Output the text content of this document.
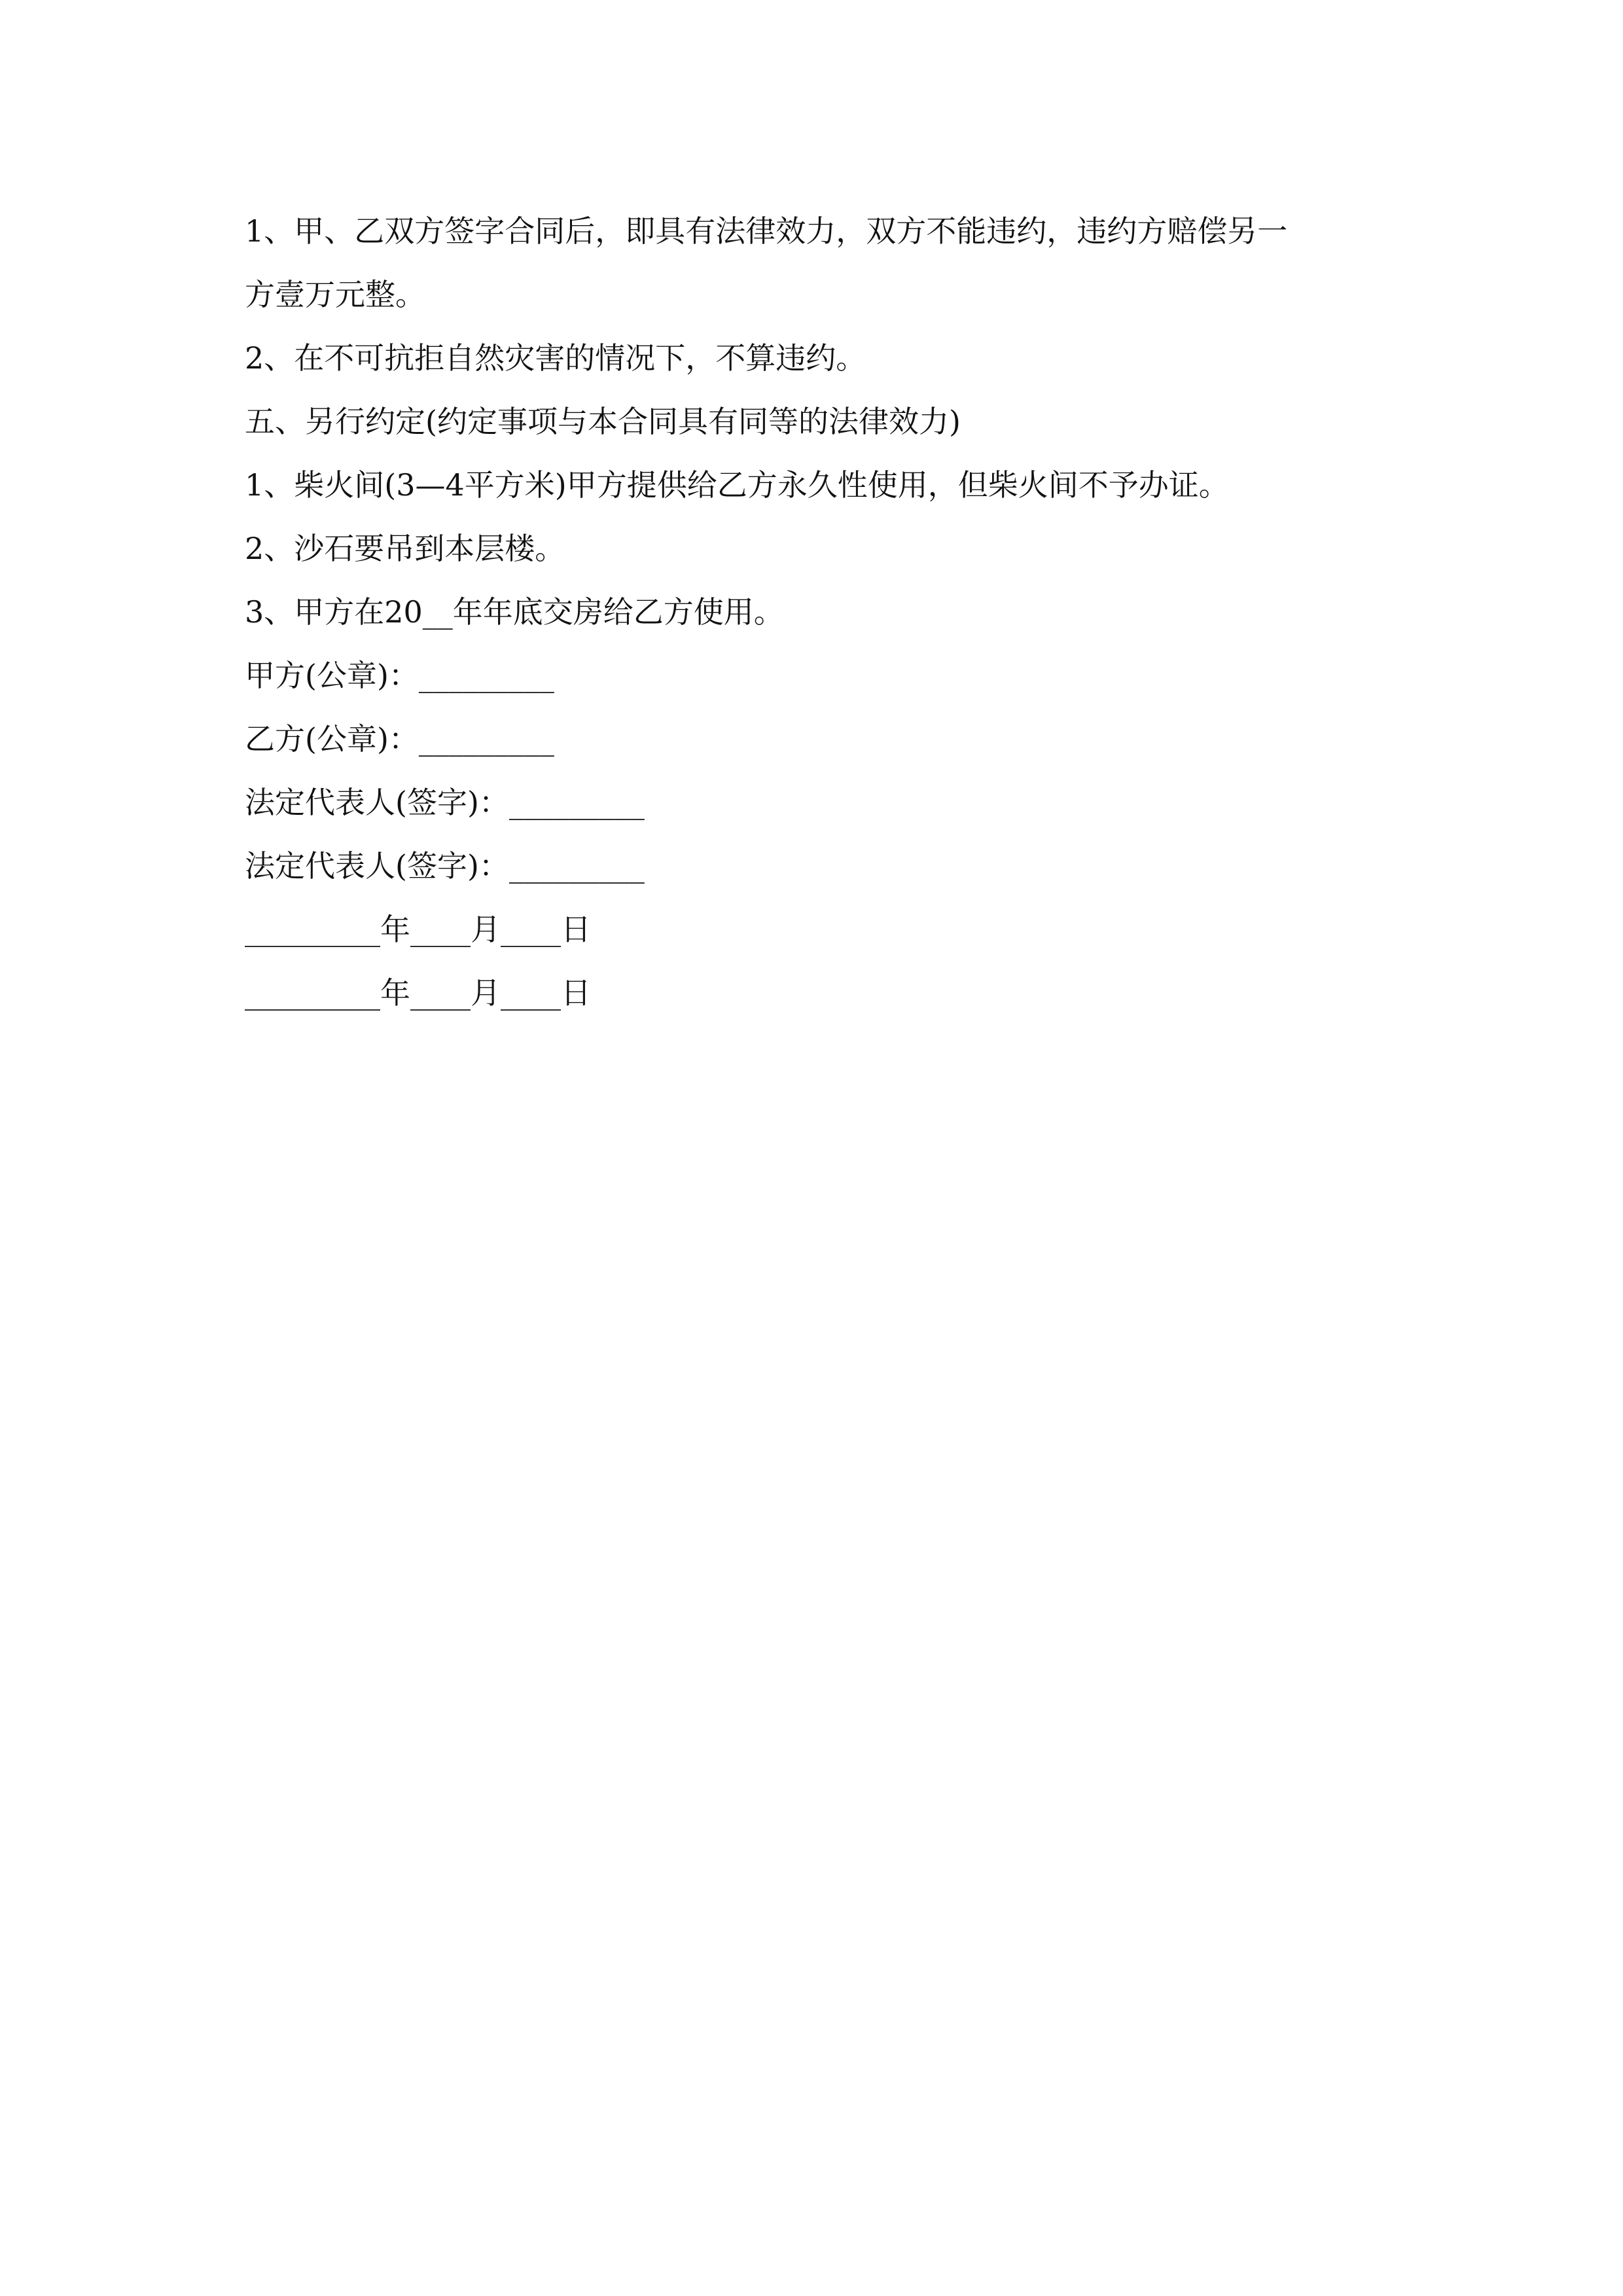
1、甲、乙双方签字合同后，即具有法律效力，双方不能违约，违约方赔偿另一
方壹万元整。
2、在不可抗拒自然灾害的情况下，不算违约。
五、另行约定(约定事项与本合同具有同等的法律效力)
1、柴火间(3—4平方米)甲方提供给乙方永久性使用，但柴火间不予办证。
2、沙石要吊到本层楼。
3、甲方在20__年年底交房给乙方使用。
甲方(公章)：_________
乙方(公章)：_________
法定代表人(签字)：_________
法定代表人(签字)：_________
_________年____月____日
_________年____月____日
